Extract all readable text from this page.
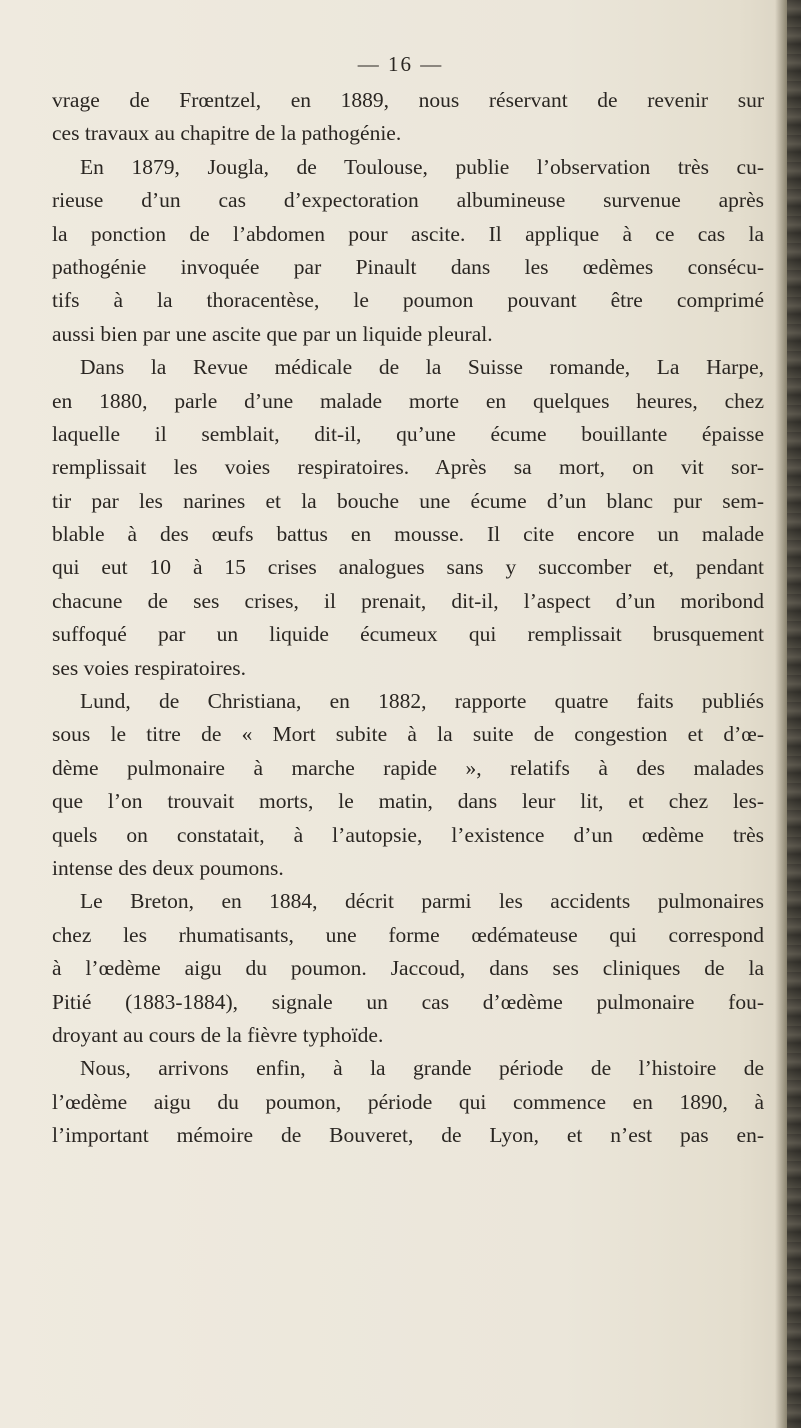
— 16 —
vrage de Frœntzel, en 1889, nous réservant de revenir sur
ces travaux au chapitre de la pathogénie.
En 1879, Jougla, de Toulouse, publie l’observation très cu-
rieuse d’un cas d’expectoration albumineuse survenue après
la ponction de l’abdomen pour ascite. Il applique à ce cas la
pathogénie invoquée par Pinault dans les œdèmes consécu-
tifs à la thoracentèse, le poumon pouvant être comprimé
aussi bien par une ascite que par un liquide pleural.
Dans la Revue médicale de la Suisse romande, La Harpe,
en 1880, parle d’une malade morte en quelques heures, chez
laquelle il semblait, dit-il, qu’une écume bouillante épaisse
remplissait les voies respiratoires. Après sa mort, on vit sor-
tir par les narines et la bouche une écume d’un blanc pur sem-
blable à des œufs battus en mousse. Il cite encore un malade
qui eut 10 à 15 crises analogues sans y succomber et, pendant
chacune de ses crises, il prenait, dit-il, l’aspect d’un moribond
suffoqué par un liquide écumeux qui remplissait brusquement
ses voies respiratoires.
Lund, de Christiana, en 1882, rapporte quatre faits publiés
sous le titre de « Mort subite à la suite de congestion et d’œ-
dème pulmonaire à marche rapide », relatifs à des malades
que l’on trouvait morts, le matin, dans leur lit, et chez les-
quels on constatait, à l’autopsie, l’existence d’un œdème très
intense des deux poumons.
Le Breton, en 1884, décrit parmi les accidents pulmonaires
chez les rhumatisants, une forme œdémateuse qui correspond
à l’œdème aigu du poumon. Jaccoud, dans ses cliniques de la
Pitié (1883-1884), signale un cas d’œdème pulmonaire fou-
droyant au cours de la fièvre typhoïde.
Nous, arrivons enfin, à la grande période de l’histoire de
l’œdème aigu du poumon, période qui commence en 1890, à
l’important mémoire de Bouveret, de Lyon, et n’est pas en-
